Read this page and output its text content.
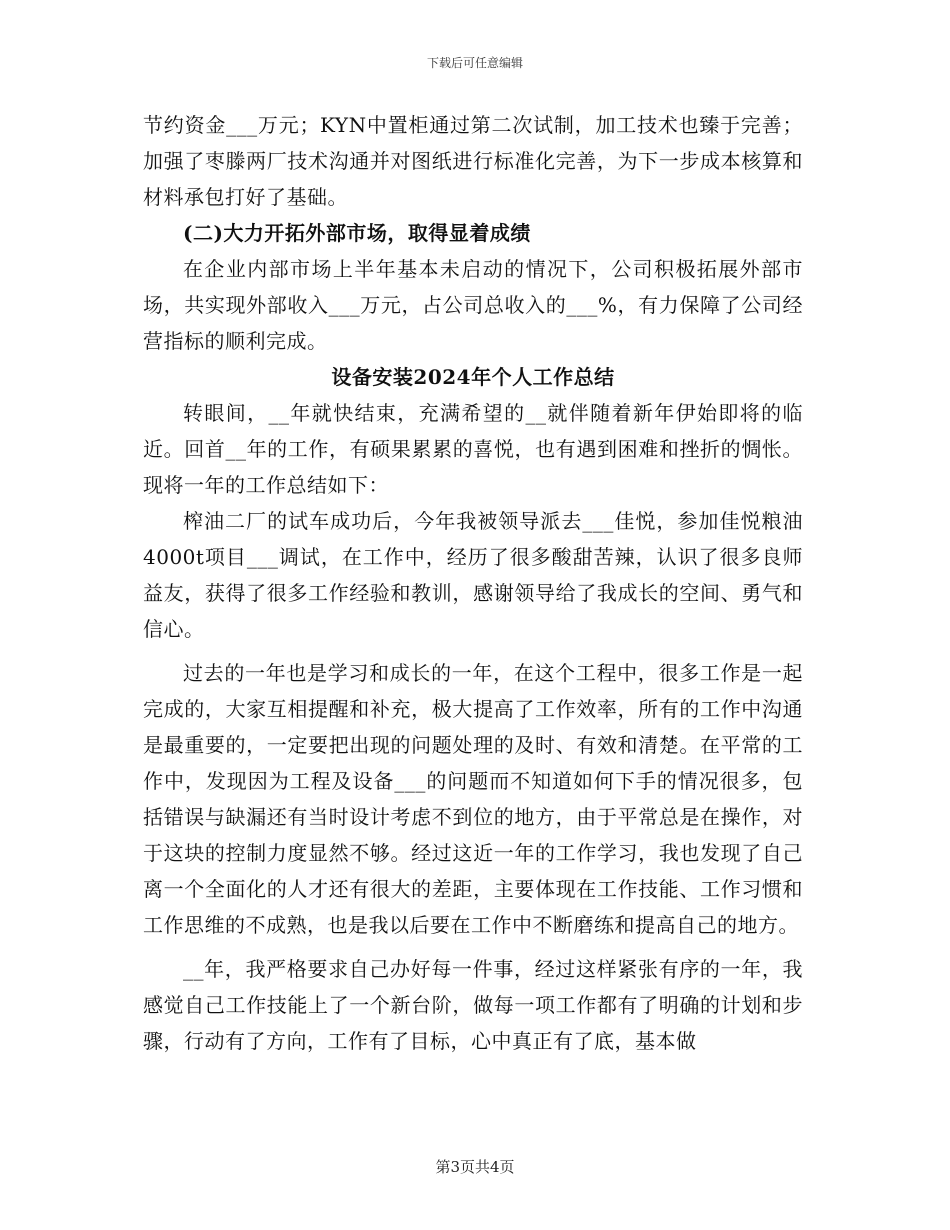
下载后可任意编辑

节约资金___万元；KYN中置柜通过第二次试制，加工技术也臻于完善；加强了枣滕两厂技术沟通并对图纸进行标准化完善，为下一步成本核算和材料承包打好了基础。

(二)大力开拓外部市场，取得显着成绩

在企业内部市场上半年基本未启动的情况下，公司积极拓展外部市场，共实现外部收入___万元，占公司总收入的___%，有力保障了公司经营指标的顺利完成。

设备安装2024年个人工作总结

转眼间，__年就快结束，充满希望的__就伴随着新年伊始即将的临近。回首__年的工作，有硕果累累的喜悦，也有遇到困难和挫折的惆怅。现将一年的工作总结如下：

榨油二厂的试车成功后，今年我被领导派去___佳悦，参加佳悦粮油4000t项目___调试，在工作中，经历了很多酸甜苦辣，认识了很多良师益友，获得了很多工作经验和教训，感谢领导给了我成长的空间、勇气和信心。

过去的一年也是学习和成长的一年，在这个工程中，很多工作是一起完成的，大家互相提醒和补充，极大提高了工作效率，所有的工作中沟通是最重要的，一定要把出现的问题处理的及时、有效和清楚。在平常的工作中，发现因为工程及设备___的问题而不知道如何下手的情况很多，包括错误与缺漏还有当时设计考虑不到位的地方，由于平常总是在操作，对于这块的控制力度显然不够。经过这近一年的工作学习，我也发现了自己离一个全面化的人才还有很大的差距，主要体现在工作技能、工作习惯和工作思维的不成熟，也是我以后要在工作中不断磨练和提高自己的地方。

__年，我严格要求自己办好每一件事，经过这样紧张有序的一年，我感觉自己工作技能上了一个新台阶，做每一项工作都有了明确的计划和步骤，行动有了方向，工作有了目标，心中真正有了底，基本做

第3页共4页
